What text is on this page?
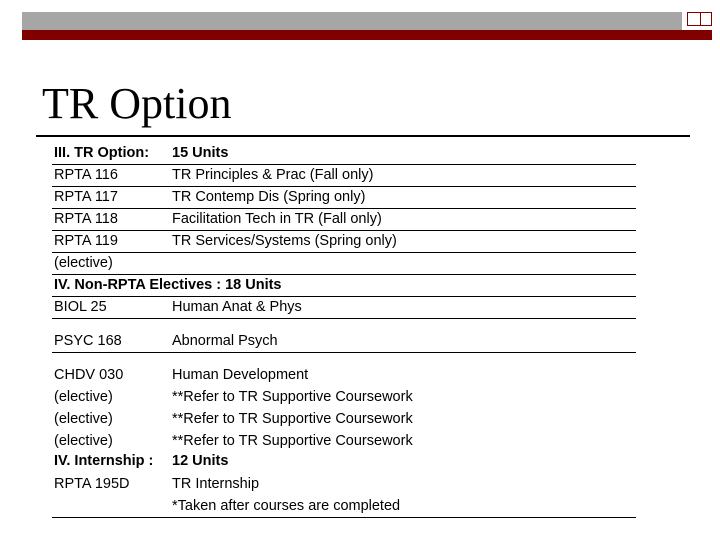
TR Option
III. TR Option: 15 Units
RPTA 116	TR Principles & Prac (Fall only)
RPTA 117	TR Contemp Dis (Spring only)
RPTA 118	Facilitation Tech in TR (Fall only)
RPTA 119	TR Services/Systems (Spring only)
(elective)
IV. Non-RPTA Electives : 18 Units
BIOL 25	Human Anat & Phys
PSYC 168	Abnormal Psych
CHDV 030	Human Development
(elective)	**Refer to TR Supportive Coursework
(elective)	**Refer to TR Supportive Coursework
(elective)	**Refer to TR Supportive Coursework
IV. Internship : 12 Units
RPTA 195D	TR Internship
*Taken after courses are completed
